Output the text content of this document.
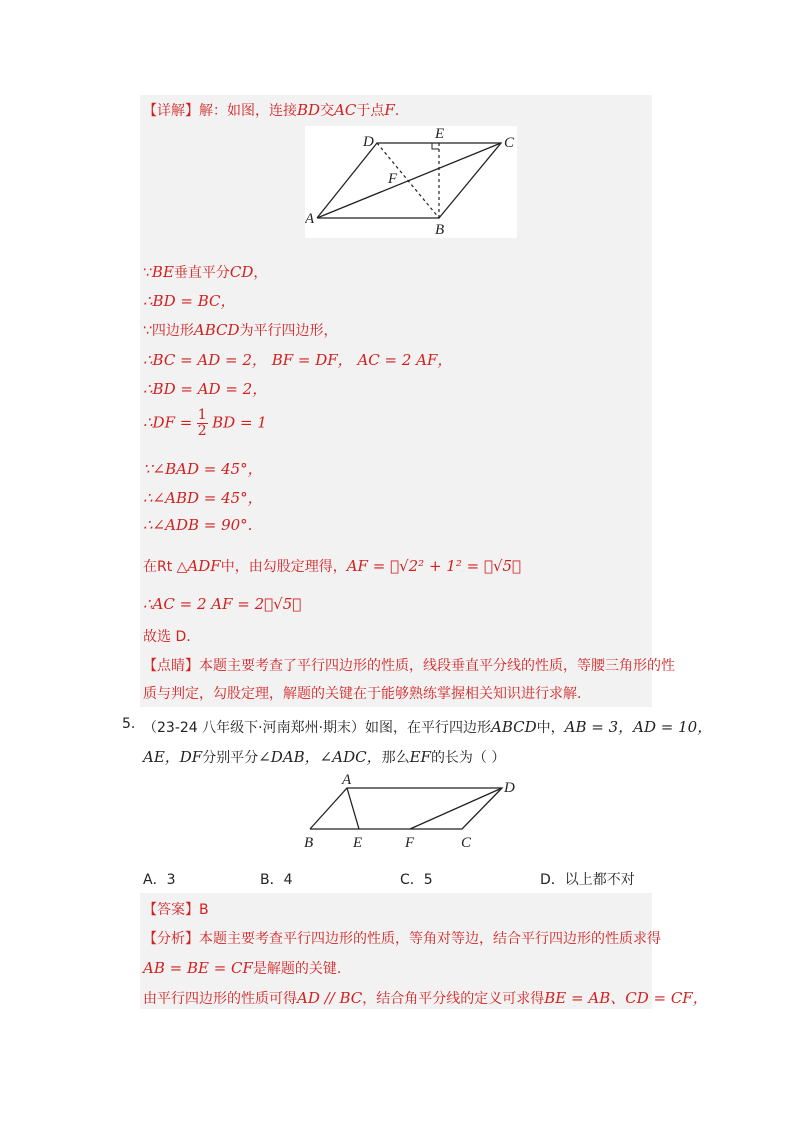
【详解】解：如图，连接BD交AC于点F.
D	E
C
F
A
B
∵BE垂直平分CD，
∴BD = BC，
∵四边形ABCD为平行四边形，
∴BC = AD = 2， BF = DF， AC = 2 AF，
∴BD = AD = 2，
∴DF = $\frac{1}{2}$ BD = 1
∵∠BAD = 45°，
∴∠ABD = 45°，
∴∠ADB = 90°.
在Rt △ADF中，由勾股定理得，AF = ⃞√2² + 1² = ⃞√5，
∴AC = 2 AF = 2⃞√5，
故选 D.
【点睛】本题主要考查了平行四边形的性质，线段垂直平分线的性质，等腰三角形的性
质与判定，勾股定理，解题的关键在于能够熟练掌握相关知识进行求解.
5. （23-24 八年级下·河南郑州·期末）如图，在平行四边形ABCD中，AB = 3，AD = 10，
AE，DF分别平分∠DAB，∠ADC，那么EF的长为（ ）
A	D
B	E	F	C
A．3	B．4	C．5	D．以上都不对
【答案】B
【分析】本题主要考查平行四边形的性质，等角对等边，结合平行四边形的性质求得
AB = BE = CF是解题的关键.
由平行四边形的性质可得AD // BC，结合角平分线的定义可求得BE = AB、CD = CF，
